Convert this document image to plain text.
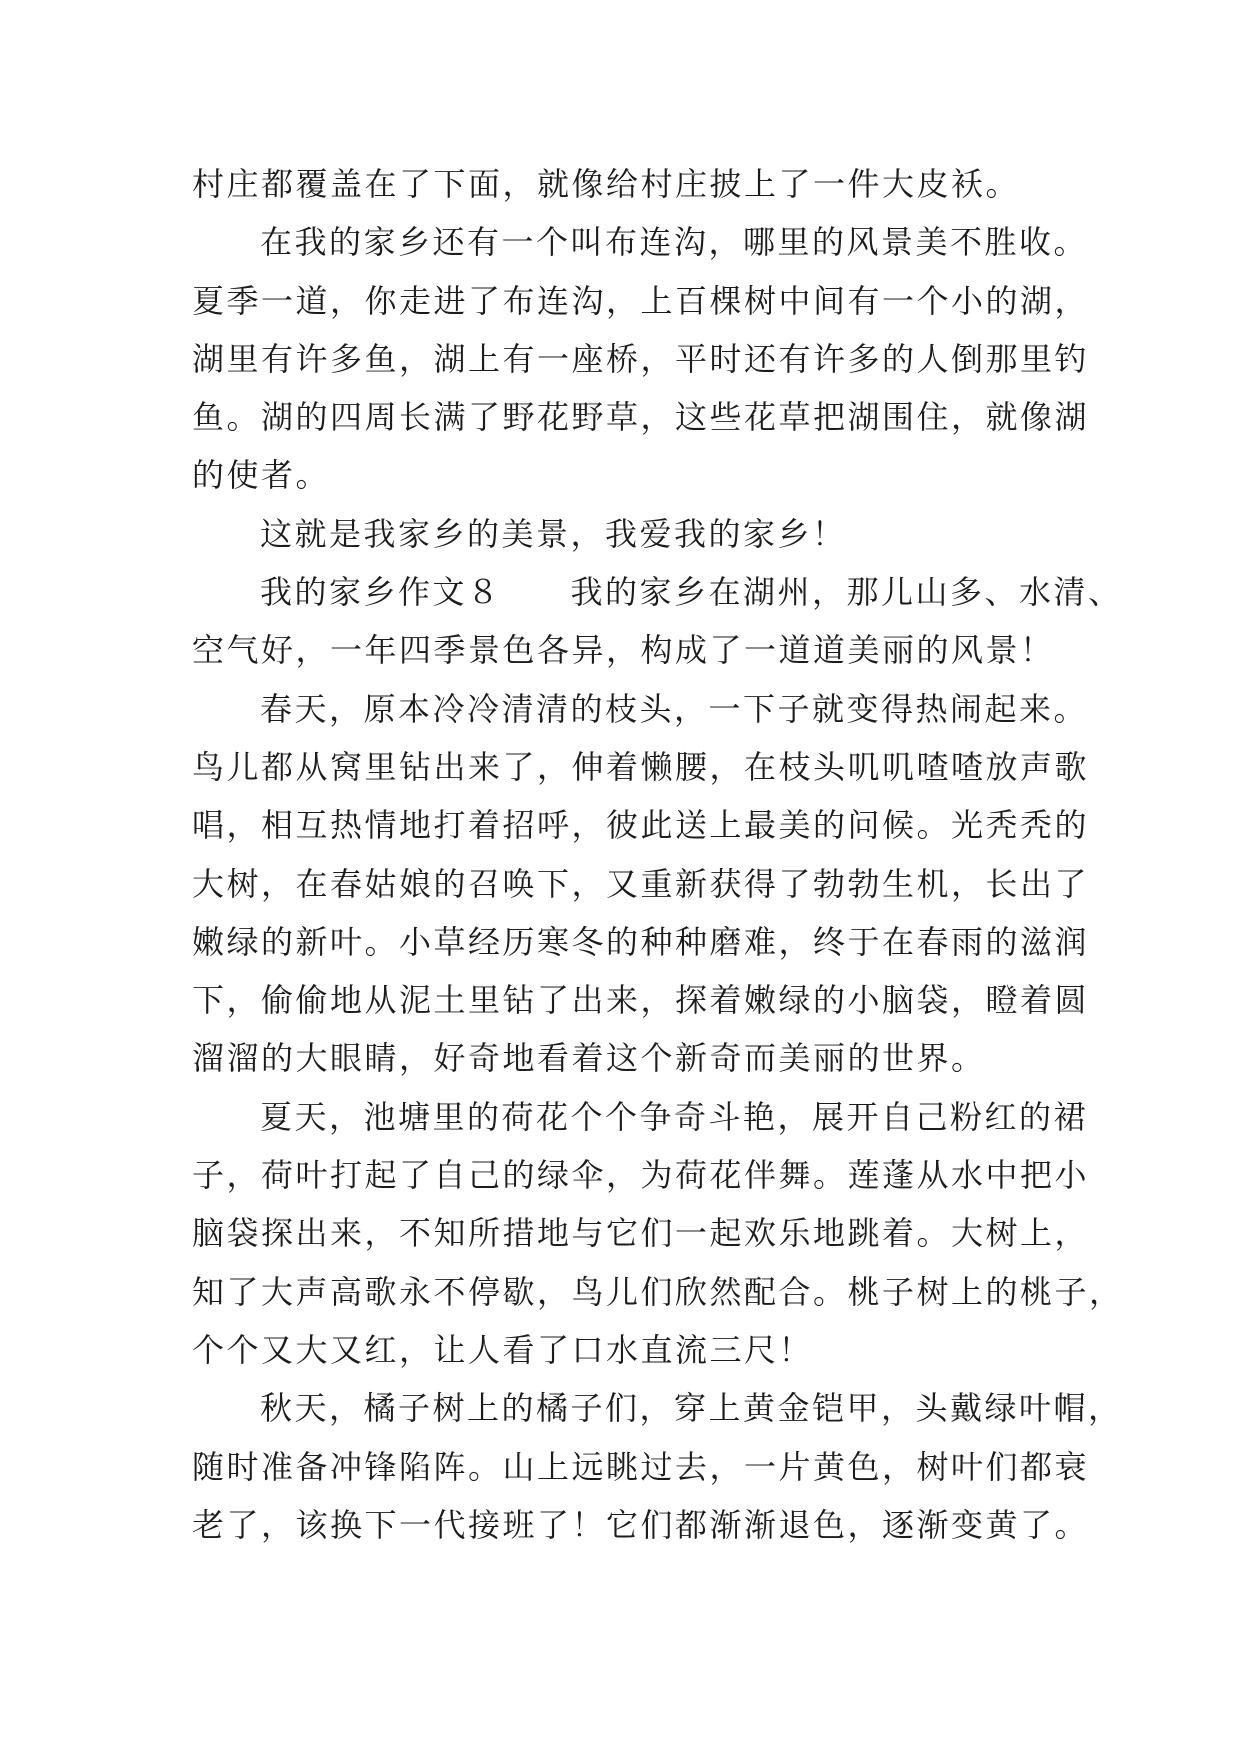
村庄都覆盖在了下面，就像给村庄披上了一件大皮袄。
在我的家乡还有一个叫布连沟，哪里的风景美不胜收。
夏季一道，你走进了布连沟，上百棵树中间有一个小的湖，
湖里有许多鱼，湖上有一座桥，平时还有许多的人倒那里钓
鱼。湖的四周长满了野花野草，这些花草把湖围住，就像湖
的使者。
这就是我家乡的美景，我爱我的家乡！
我的家乡作文８　　我的家乡在湖州，那儿山多、水清、
空气好，一年四季景色各异，构成了一道道美丽的风景！
春天，原本冷冷清清的枝头，一下子就变得热闹起来。
鸟儿都从窝里钻出来了，伸着懒腰，在枝头叽叽喳喳放声歌
唱，相互热情地打着招呼，彼此送上最美的问候。光秃秃的
大树，在春姑娘的召唤下，又重新获得了勃勃生机，长出了
嫩绿的新叶。小草经历寒冬的种种磨难，终于在春雨的滋润
下，偷偷地从泥土里钻了出来，探着嫩绿的小脑袋，瞪着圆
溜溜的大眼睛，好奇地看着这个新奇而美丽的世界。
夏天，池塘里的荷花个个争奇斗艳，展开自己粉红的裙
子，荷叶打起了自己的绿伞，为荷花伴舞。莲蓬从水中把小
脑袋探出来，不知所措地与它们一起欢乐地跳着。大树上，
知了大声高歌永不停歇，鸟儿们欣然配合。桃子树上的桃子，
个个又大又红，让人看了口水直流三尺！
秋天，橘子树上的橘子们，穿上黄金铠甲，头戴绿叶帽，
随时准备冲锋陷阵。山上远眺过去，一片黄色，树叶们都衰
老了，该换下一代接班了！它们都渐渐退色，逐渐变黄了。
